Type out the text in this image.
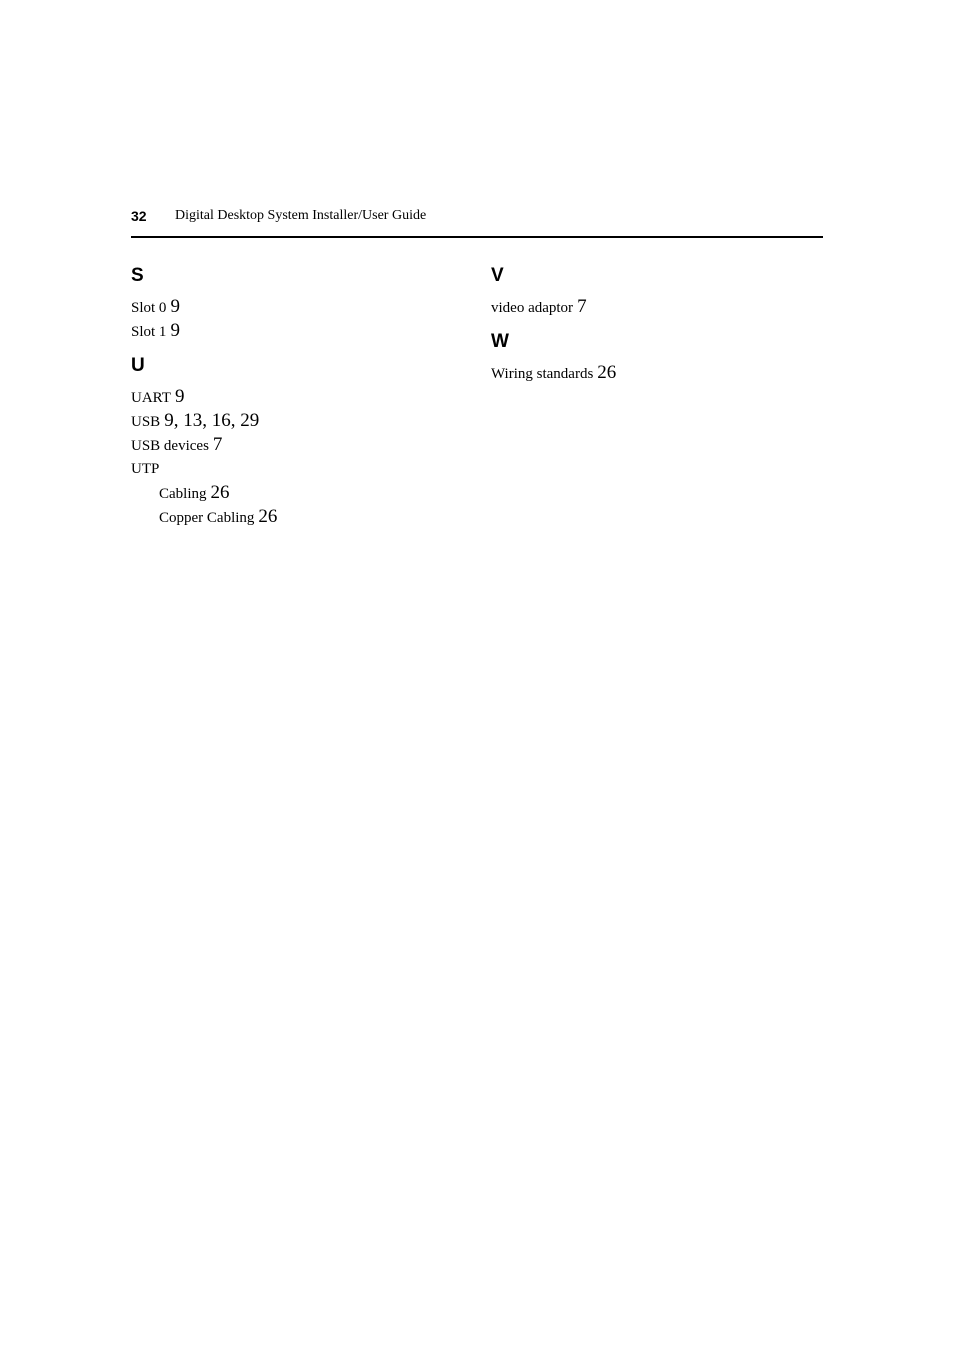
32 Digital Desktop System Installer/User Guide
S
Slot 0 9
Slot 1 9
U
UART 9
USB 9, 13, 16, 29
USB devices 7
UTP
Cabling 26
Copper Cabling 26
V
video adaptor 7
W
Wiring standards 26
